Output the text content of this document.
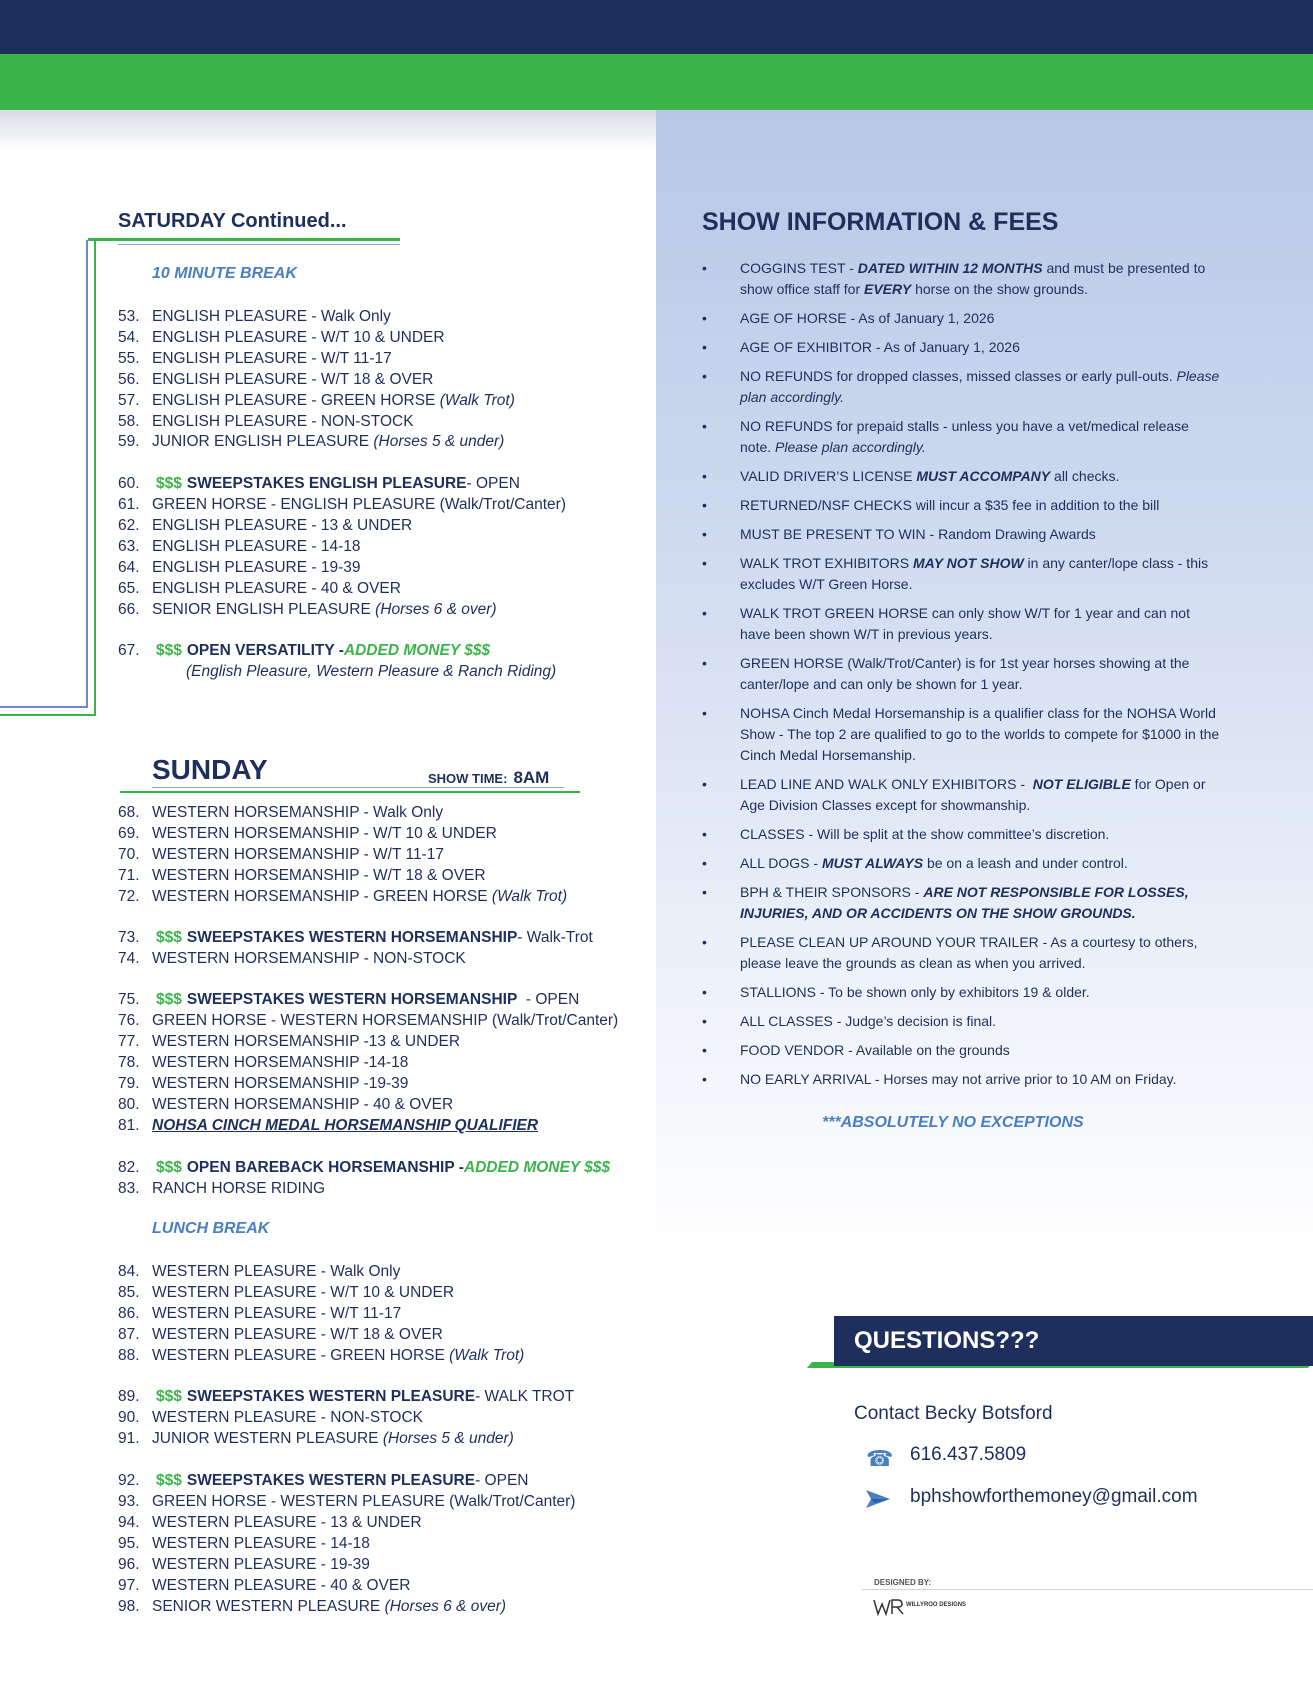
SATURDAY Continued...
10 MINUTE BREAK
53. ENGLISH PLEASURE - Walk Only
54. ENGLISH PLEASURE - W/T 10 & UNDER
55. ENGLISH PLEASURE - W/T 11-17
56. ENGLISH PLEASURE - W/T 18 & OVER
57. ENGLISH PLEASURE - GREEN HORSE
(Walk Trot)
58. ENGLISH PLEASURE - NON-STOCK
59. JUNIOR ENGLISH PLEASURE
(Horses 5 & under)
60.	$$$ SWEEPSTAKES ENGLISH PLEASURE - OPEN
61. GREEN HORSE - ENGLISH PLEASURE (Walk/Trot/Canter)
62. ENGLISH PLEASURE - 13 & UNDER
63. ENGLISH PLEASURE - 14-18
64. ENGLISH PLEASURE - 19-39
65. ENGLISH PLEASURE - 40 & OVER
66. SENIOR ENGLISH PLEASURE
(Horses 6 & over)
67.	$$$ OPEN VERSATILITY - ADDED MONEY $$$
(English Pleasure, Western Pleasure & Ranch Riding)
SUNDAY	SHOW TIME: 8AM
68. WESTERN HORSEMANSHIP - Walk Only
69. WESTERN HORSEMANSHIP - W/T 10 & UNDER
70. WESTERN HORSEMANSHIP - W/T 11-17
71. WESTERN HORSEMANSHIP - W/T 18 & OVER
72. WESTERN HORSEMANSHIP - GREEN HORSE
(Walk Trot)
73.	$$$ SWEEPSTAKES WESTERN HORSEMANSHIP - Walk-Trot
74. WESTERN HORSEMANSHIP - NON-STOCK
75.	$$$ SWEEPSTAKES WESTERN HORSEMANSHIP - OPEN
76. GREEN HORSE - WESTERN HORSEMANSHIP (Walk/Trot/Canter)
77. WESTERN HORSEMANSHIP -13 & UNDER
78. WESTERN HORSEMANSHIP -14-18
79. WESTERN HORSEMANSHIP -19-39
80. WESTERN HORSEMANSHIP - 40 & OVER
81. NOHSA CINCH MEDAL HORSEMANSHIP QUALIFIER
82.	$$$ OPEN BAREBACK HORSEMANSHIP - ADDED MONEY $$$
83. RANCH HORSE RIDING
LUNCH BREAK
84. WESTERN PLEASURE - Walk Only
85. WESTERN PLEASURE - W/T 10 & UNDER
86. WESTERN PLEASURE - W/T 11-17
87. WESTERN PLEASURE - W/T 18 & OVER
88. WESTERN PLEASURE - GREEN HORSE
(Walk Trot)
89.	$$$ SWEEPSTAKES WESTERN PLEASURE - WALK TROT
90. WESTERN PLEASURE - NON-STOCK
91. JUNIOR WESTERN PLEASURE
(Horses 5 & under)
92.	$$$ SWEEPSTAKES WESTERN PLEASURE - OPEN
93. GREEN HORSE - WESTERN PLEASURE (Walk/Trot/Canter)
94. WESTERN PLEASURE - 13 & UNDER
95. WESTERN PLEASURE - 14-18
96. WESTERN PLEASURE - 19-39
97. WESTERN PLEASURE - 40 & OVER
98. SENIOR WESTERN PLEASURE
(Horses 6 & over)
SHOW INFORMATION & FEES
• COGGINS TEST - DATED WITHIN 12 MONTHS and must be presented to show office staff for EVERY horse on the show grounds.
• AGE OF HORSE - As of January 1, 2026
• AGE OF EXHIBITOR - As of January 1, 2026
• NO REFUNDS for dropped classes, missed classes or early pull-outs. Please plan accordingly.
• NO REFUNDS for prepaid stalls - unless you have a vet/medical release note. Please plan accordingly.
• VALID DRIVER’S LICENSE MUST ACCOMPANY all checks.
• RETURNED/NSF CHECKS will incur a $35 fee in addition to the bill
• MUST BE PRESENT TO WIN - Random Drawing Awards
• WALK TROT EXHIBITORS MAY NOT SHOW in any canter/lope class - this excludes W/T Green Horse.
• WALK TROT GREEN HORSE can only show W/T for 1 year and can not have been shown W/T in previous years.
• GREEN HORSE (Walk/Trot/Canter) is for 1st year horses showing at the canter/lope and can only be shown for 1 year.
• NOHSA Cinch Medal Horsemanship is a qualifier class for the NOHSA World Show - The top 2 are qualified to go to the worlds to compete for $1000 in the Cinch Medal Horsemanship.
• LEAD LINE AND WALK ONLY EXHIBITORS -  NOT ELIGIBLE for Open or Age Division Classes except for showmanship.
• CLASSES - Will be split at the show committee’s discretion.
• ALL DOGS - MUST ALWAYS be on a leash and under control.
• BPH & THEIR SPONSORS - ARE NOT RESPONSIBLE FOR LOSSES, INJURIES, AND OR ACCIDENTS ON THE SHOW GROUNDS.
• PLEASE CLEAN UP AROUND YOUR TRAILER - As a courtesy to others, please leave the grounds as clean as when you arrived.
• STALLIONS - To be shown only by exhibitors 19 & older.
• ALL CLASSES - Judge’s decision is final.
• FOOD VENDOR - Available on the grounds
• NO EARLY ARRIVAL - Horses may not arrive prior to 10 AM on Friday.
***ABSOLUTELY NO EXCEPTIONS
QUESTIONS???
Contact Becky Botsford
☎ 616.437.5809
bphshowforthemoney@gmail.com
DESIGNED BY:
WILLYROO DESIGNS
